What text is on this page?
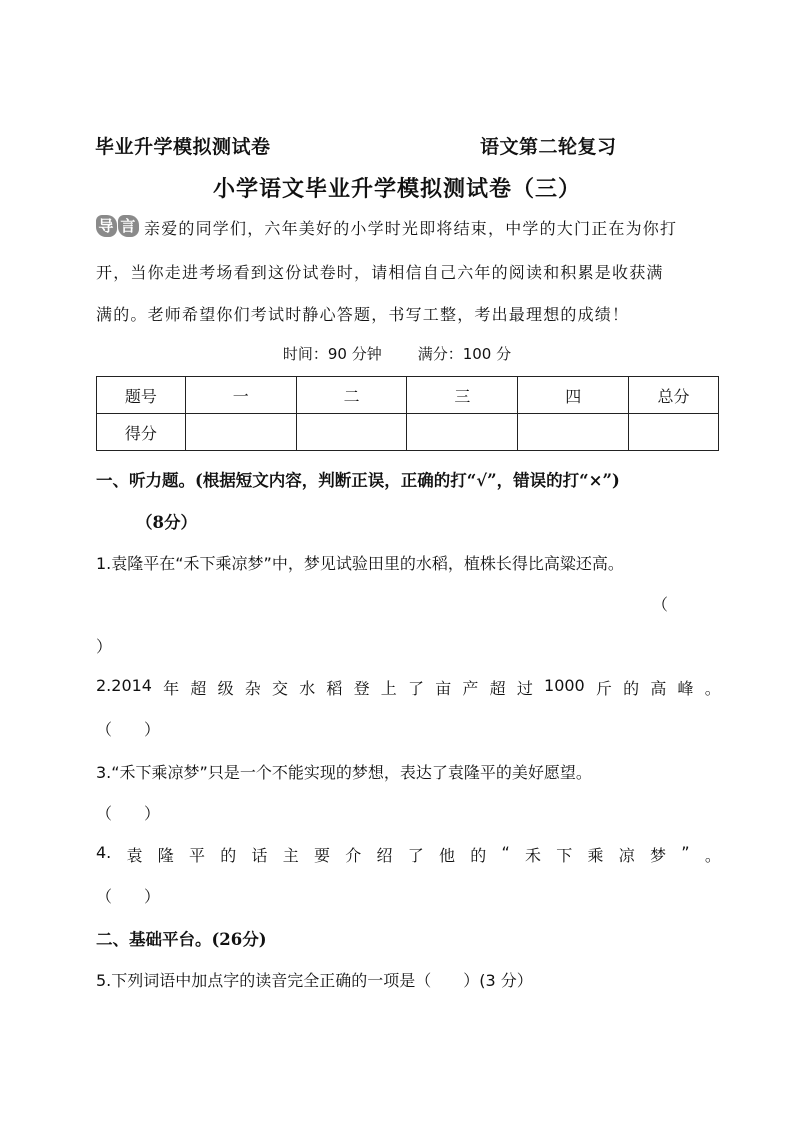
毕业升学模拟测试卷	语文第二轮复习
小学语文毕业升学模拟测试卷（三）
导 言 亲爱的同学们，六年美好的小学时光即将结束，中学的大门正在为你打
开，当你走进考场看到这份试卷时，请相信自己六年的阅读和积累是收获满
满的。老师希望你们考试时静心答题，书写工整，考出最理想的成绩！
时间：90 分钟 满分：100 分
题号	一	二	三	四	总分
得分					
一、听力题。(根据短文内容，判断正误，正确的打“√”，错误的打“×”)
（8分）
1.袁隆平在“禾下乘凉梦”中，梦见试验田里的水稻，植株长得比高粱还高。
（
）
2.2014 年 超 级 杂 交 水 稻 登 上 了 亩 产 超 过 1000 斤 的 高 峰 。
（　　）
3.“禾下乘凉梦”只是一个不能实现的梦想，表达了袁隆平的美好愿望。
（　　）
4. 袁 隆 平 的 话 主 要 介 绍 了 他 的 “ 禾 下 乘 凉 梦 ” 。
（　　）
二、基础平台。(26分)
5.下列词语中加点字的读音完全正确的一项是（　　）(3 分）
